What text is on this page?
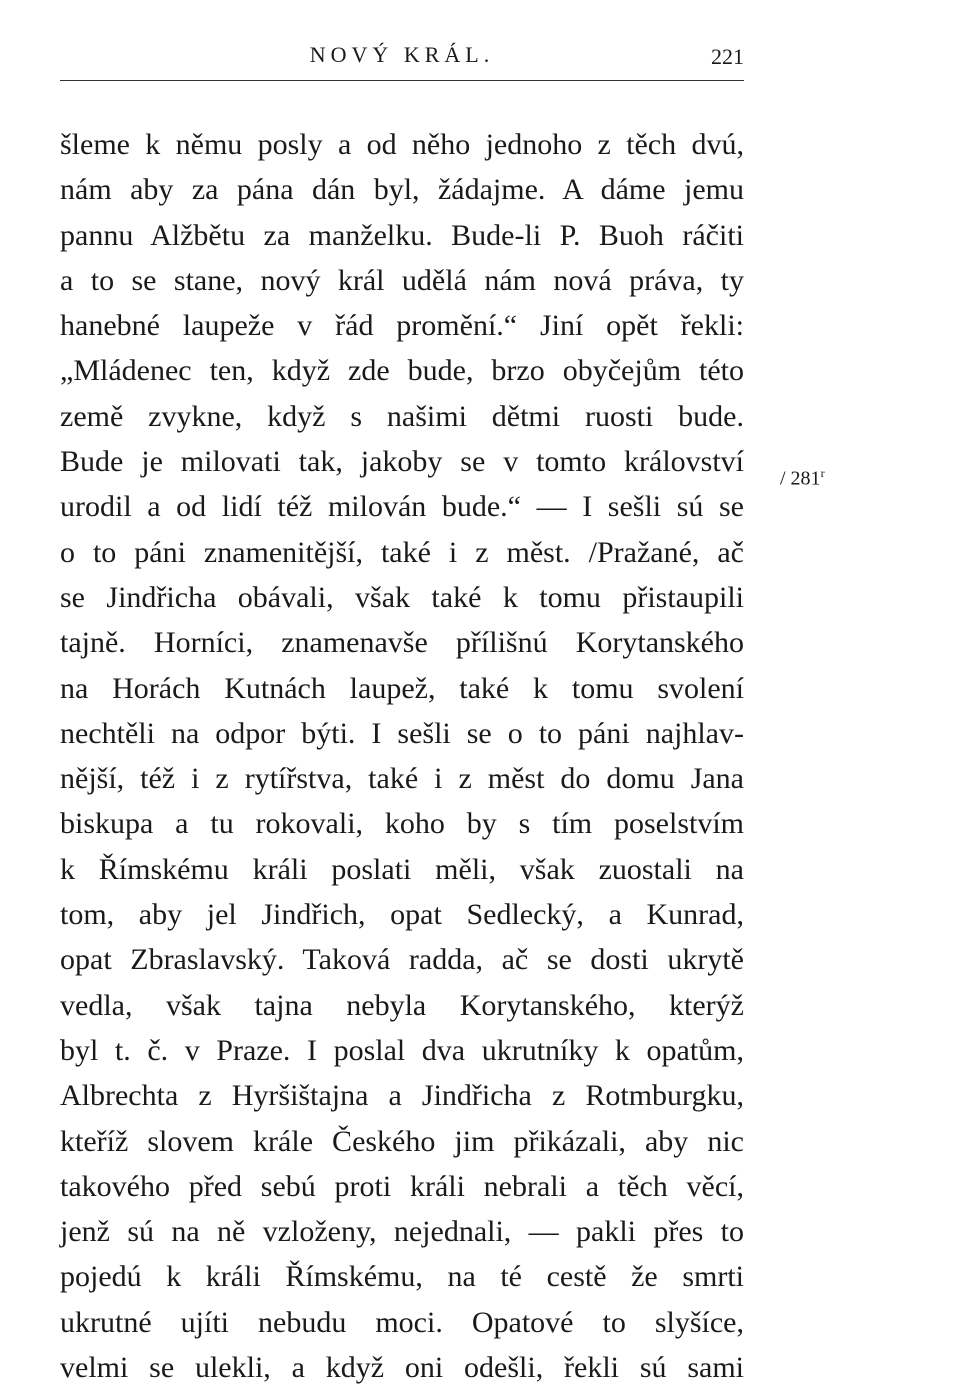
NOVÝ KRÁL.	221
šleme k němu posly a od něho jednoho z těch dvú,
nám aby za pána dán byl, žádajme. A dáme jemu
pannu Alžbětu za manželku. Bude-li P. Buoh ráčiti
a to se stane, nový král udělá nám nová práva, ty
hanebné laupeže v řád promění.“ Jiní opět řekli:
„Mládenec ten, když zde bude, brzo obyčejům této
země zvykne, když s našimi dětmi ruosti bude.
Bude je milovati tak, jakoby se v tomto království
urodil a od lidí též milován bude.“ — I sešli sú se
o to páni znamenitější, také i z měst. /Pražané, ač
se Jindřicha obávali, však také k tomu přistaupili
tajně. Horníci, znamenavše přílišnú Korytanského
na Horách Kutnách laupež, také k tomu svolení
nechtěli na odpor býti. I sešli se o to páni najhlav-
nější, též i z rytířstva, také i z měst do domu Jana
biskupa a tu rokovali, koho by s tím poselstvím
k Římskému králi poslati měli, však zuostali na
tom, aby jel Jindřich, opat Sedlecký, a Kunrad,
opat Zbraslavský. Taková radda, ač se dosti ukrytě
vedla, však tajna nebyla Korytanského, kterýž
byl t. č. v Praze. I poslal dva ukrutníky k opatům,
Albrechta z Hyršištajna a Jindřicha z Rotmburgku,
kteříž slovem krále Českého jim přikázali, aby nic
takového před sebú proti králi nebrali a těch věcí,
jenž sú na ně vzloženy, nejednali, — pakli přes to
pojedú k králi Římskému, na té cestě že smrti
ukrutné ujíti nebudu moci. Opatové to slyšíce,
velmi se ulekli, a když oni odešli, řekli sú sami
/ 281$^r$
